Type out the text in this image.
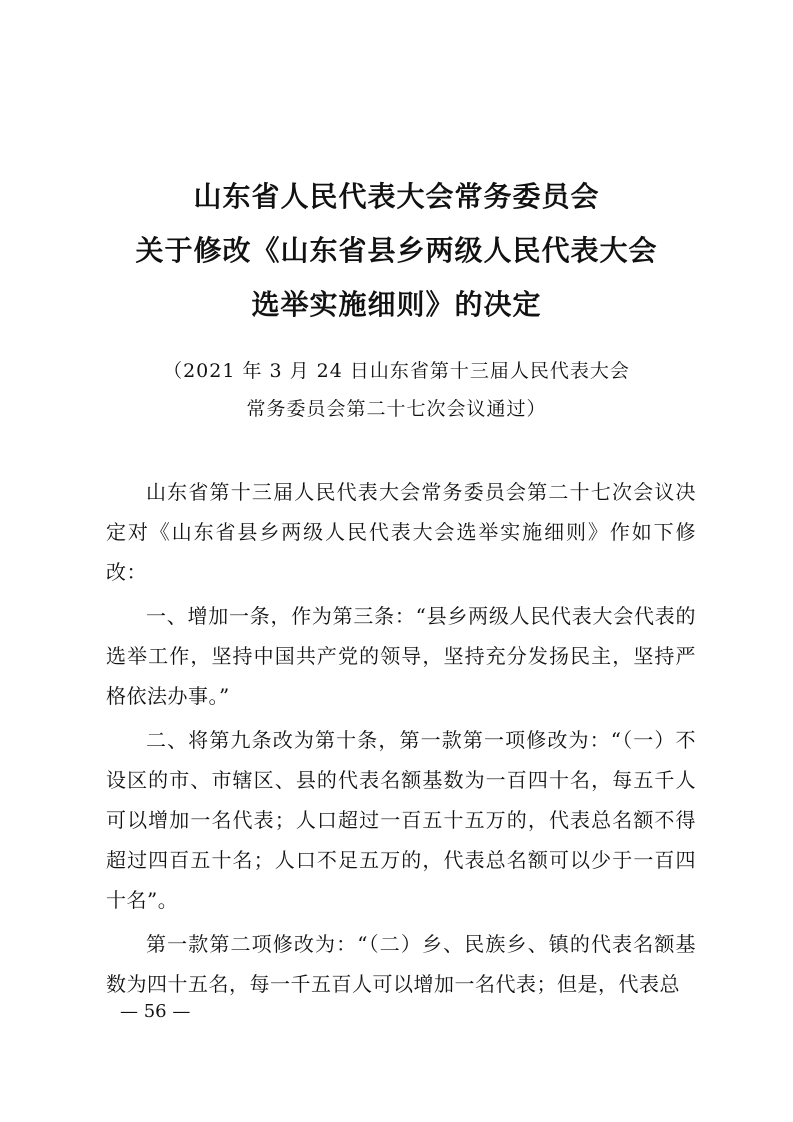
山东省人民代表大会常务委员会
关于修改《山东省县乡两级人民代表大会
选举实施细则》的决定
（2021 年 3 月 24 日山东省第十三届人民代表大会
常务委员会第二十七次会议通过）

山东省第十三届人民代表大会常务委员会第二十七次会议决定对《山东省县乡两级人民代表大会选举实施细则》作如下修改：

一、增加一条，作为第三条：“县乡两级人民代表大会代表的选举工作，坚持中国共产党的领导，坚持充分发扬民主，坚持严格依法办事。”

二、将第九条改为第十条，第一款第一项修改为：“（一）不设区的市、市辖区、县的代表名额基数为一百四十名，每五千人可以增加一名代表；人口超过一百五十五万的，代表总名额不得超过四百五十名；人口不足五万的，代表总名额可以少于一百四十名”。

第一款第二项修改为：“（二）乡、民族乡、镇的代表名额基数为四十五名，每一千五百人可以增加一名代表；但是，代表总

— 56 —
